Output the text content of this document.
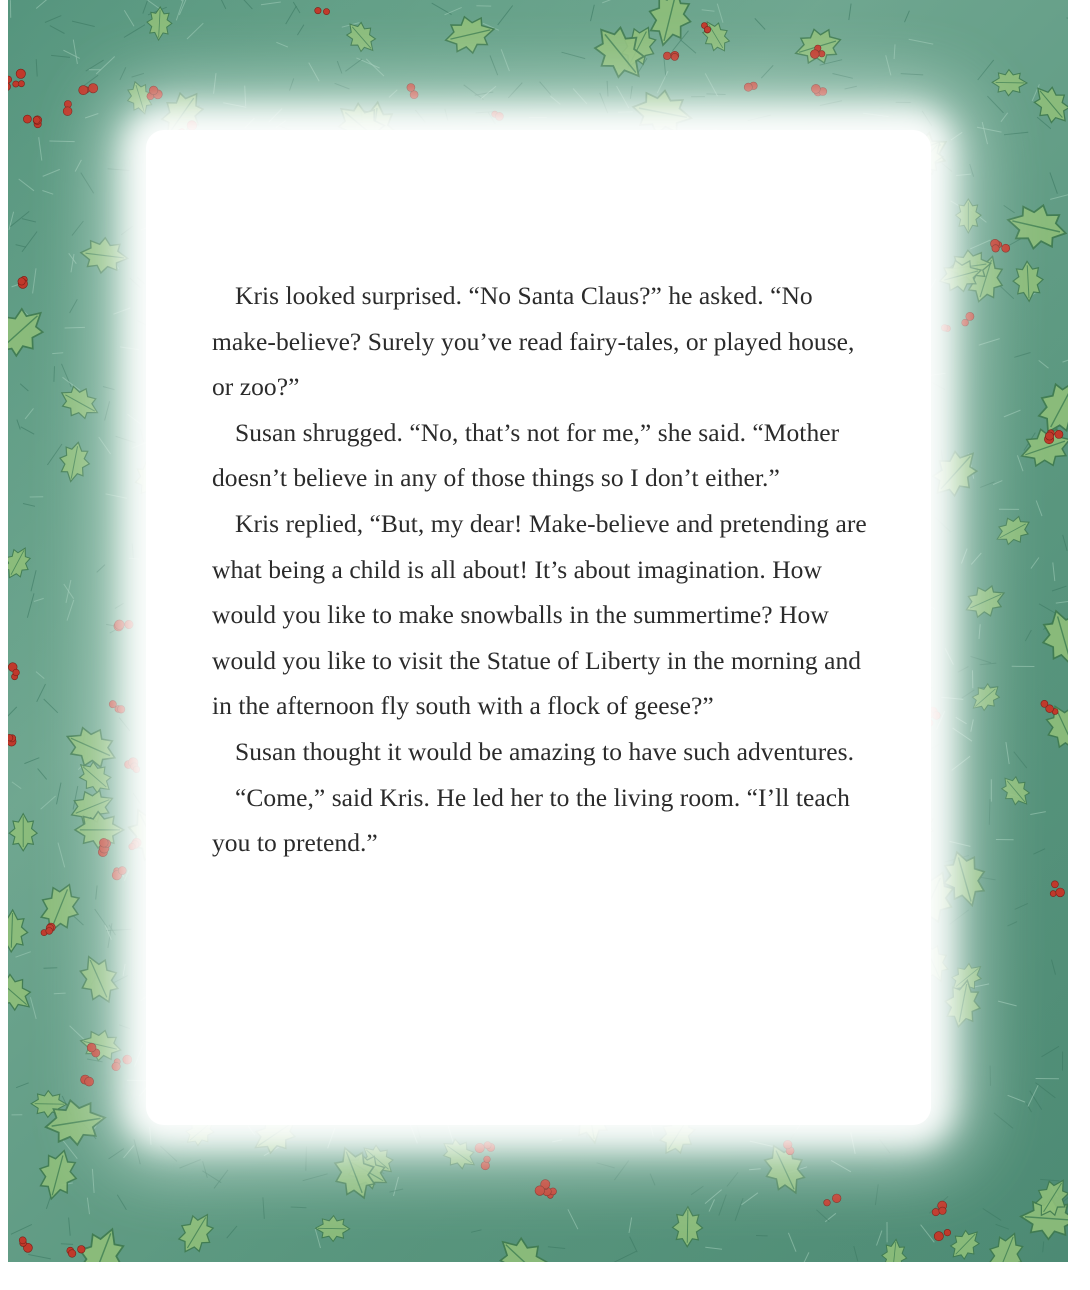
Kris looked surprised. “No Santa Claus?” he asked. “No make-believe? Surely you’ve read fairy-tales, or played house, or zoo?”

Susan shrugged. “No, that’s not for me,” she said. “Mother doesn’t believe in any of those things so I don’t either.”

Kris replied, “But, my dear! Make-believe and pretending are what being a child is all about! It’s about imagination. How would you like to make snowballs in the summertime? How would you like to visit the Statue of Liberty in the morning and in the afternoon fly south with a flock of geese?”

Susan thought it would be amazing to have such adventures.

“Come,” said Kris. He led her to the living room. “I’ll teach you to pretend.”
